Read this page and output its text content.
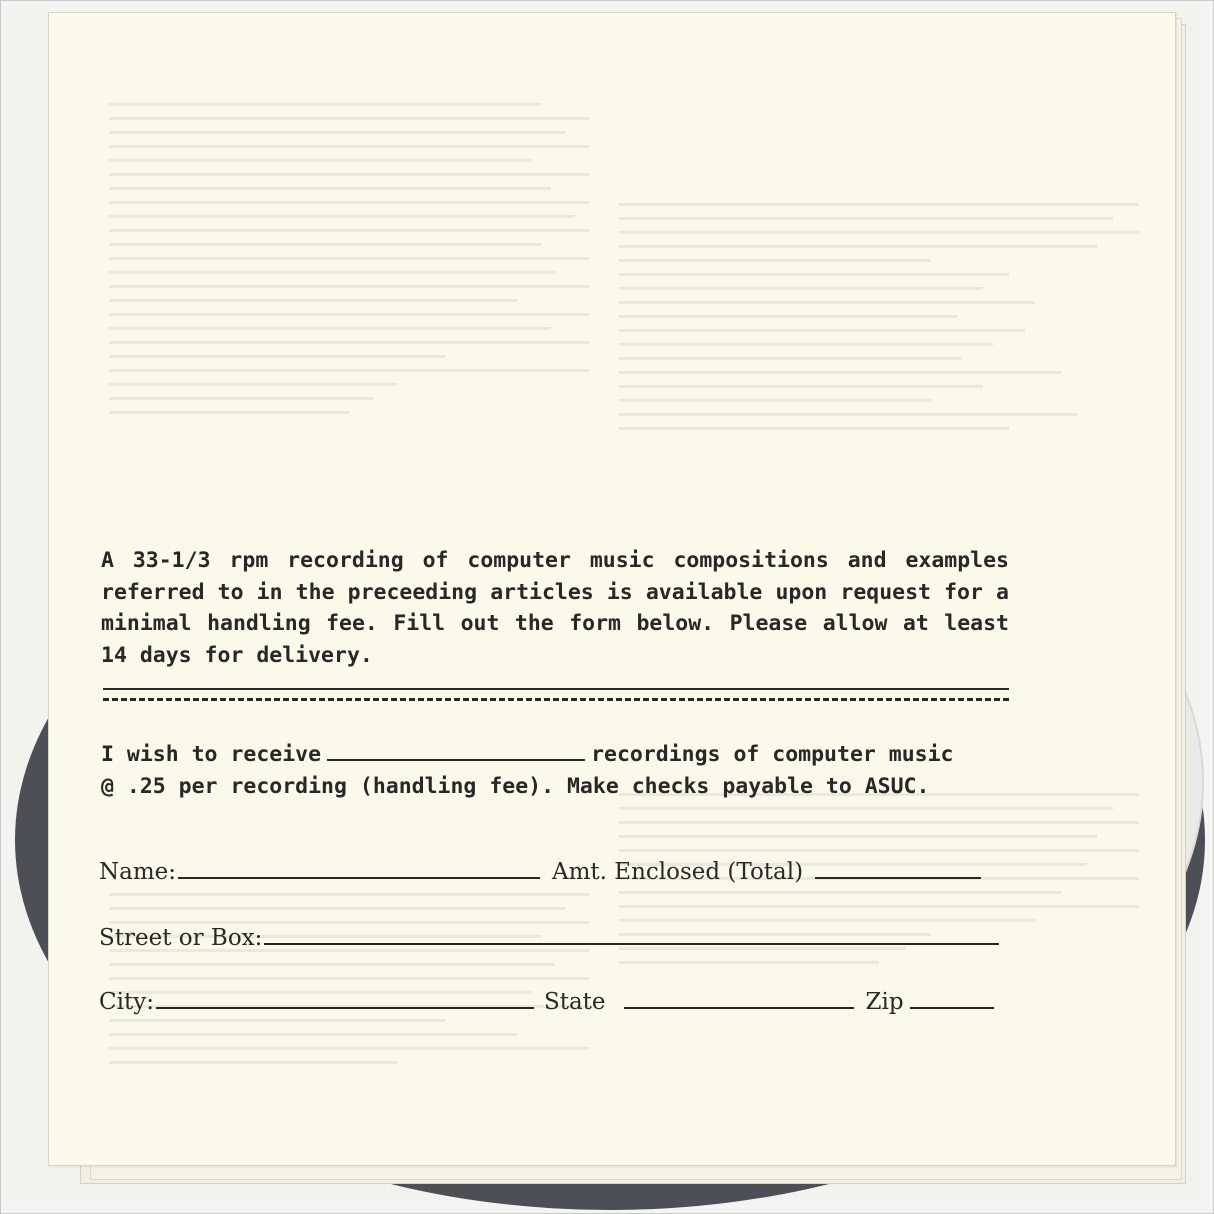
A 33-1/3 rpm recording of computer music compositions and examples referred to in the preceeding articles is available upon request for a minimal handling fee. Fill out the form below. Please allow at least 14 days for delivery.

I wish to receive	recordings of computer music
@ .25 per recording (handling fee). Make checks payable to ASUC.
Name:	Amt. Enclosed (Total)
Street or Box:
City:	State	Zip
